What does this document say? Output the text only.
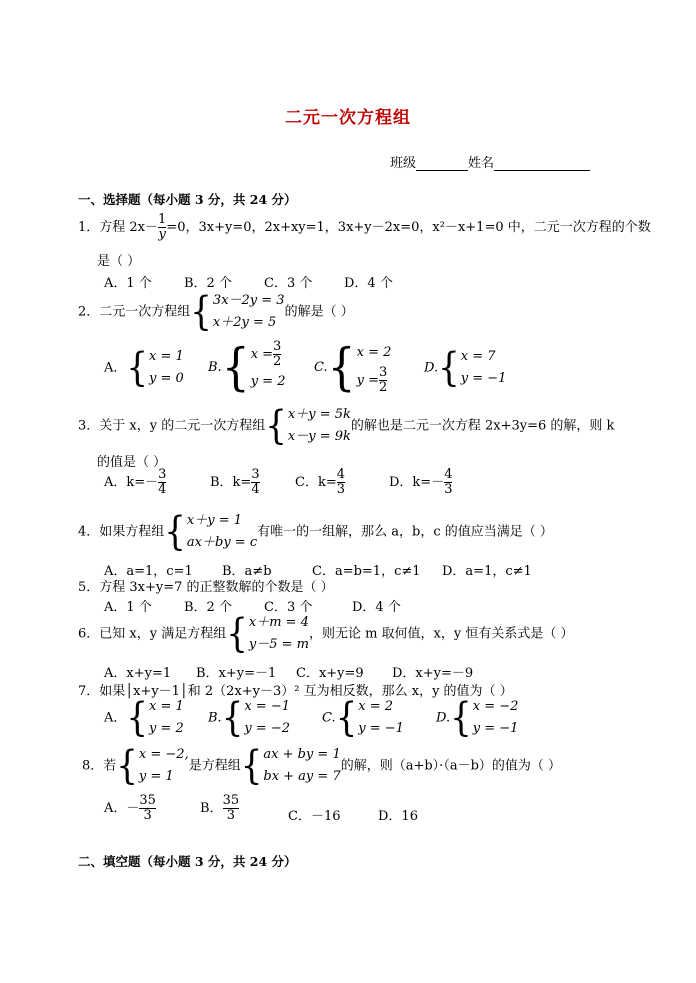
二元一次方程组
班级	姓名
一、选择题（每小题 3 分，共 24 分）
1．方程 $2x- \frac{1}{y} =0$，3x+y=0，2x+xy=1，3x+y－2x=0，x²－x+1=0 中，二元一次方程的个数
是（ ）
A．1 个 B．2 个 C．3 个 D．4 个
2．二元一次方程组 { 3x－2y = 3
x＋2y = 5
的解是（ ）
A． { x = 1
y = 0
B. { $x = \frac{3}{2}$
y = 2
C. { x = 2
$y = \frac{3}{2}$	D. { x = 7
y = −1
3．关于 x，y 的二元一次方程组 { x＋y = 5k
x－y = 9k
的解也是二元一次方程 2x+3y=6 的解，则 k
的值是（ ）
A．$k=- \frac{3}{4}$	B．$k= \frac{3}{4}$	C．$k= \frac{4}{3}$	D．$k=- \frac{4}{3}$
4．如果方程组 { x＋y = 1
ax＋by = c
有唯一的一组解，那么 a，b，c 的值应当满足（ ）
A．a=1，c=1 B．a≠b	C．a=b=1，c≠1 D．a=1，c≠1
5．方程 3x+y=7 的正整数解的个数是（ ）
A．1 个 B．2 个 C．3 个	D．4 个
6．已知 x，y 满足方程组 { x＋m = 4
y－5 = m
，则无论 m 取何值，x，y 恒有关系式是（ ）
A．x+y=1 B．x+y=－1 C．x+y=9 D．x+y=－9
7．如果│x+y－1│和 2（2x+y－3）² 互为相反数，那么 x，y 的值为（ ）
A． { x = 1
y = 2
B. { x = −1
y = −2
C. { x = 2
y = −1
D. { x = −2
y = −1
8．若 { x = −2,
y = 1
是方程组 { ax + by = 1
bx + ay = 7
的解，则（a+b）·（a－b）的值为（ ）
A．－ $\frac{35}{3}$	B． $\frac{35}{3}$	C．－16	D．16
二、填空题（每小题 3 分，共 24 分）
